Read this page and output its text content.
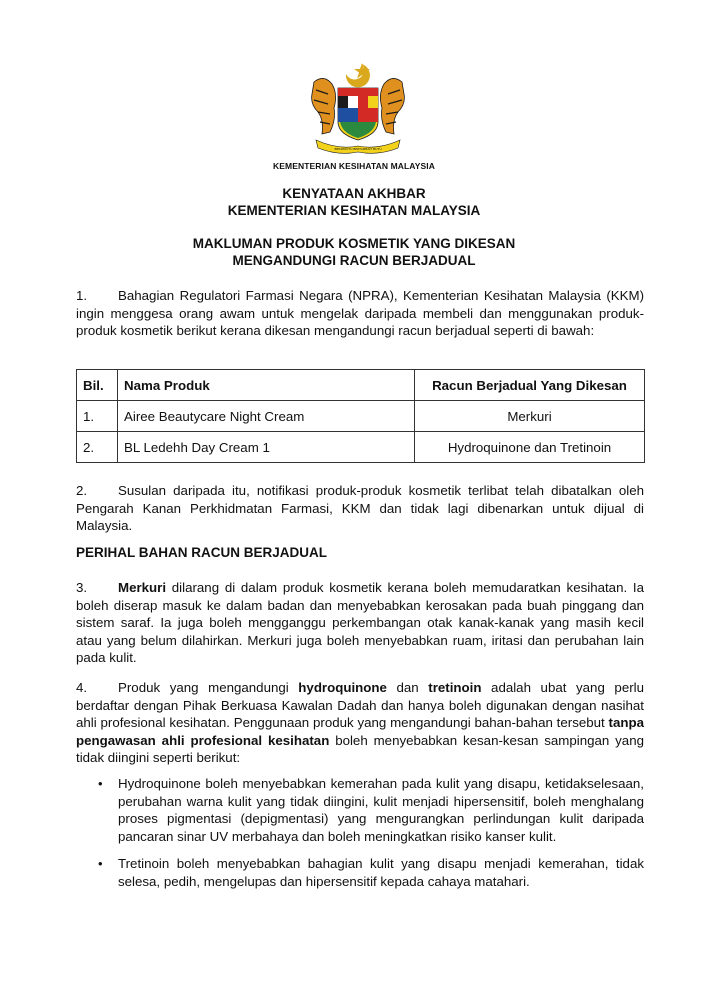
BERSEKUTU BERTAMBAH MUTU
KEMENTERIAN KESIHATAN MALAYSIA

KENYATAAN AKHBAR

KEMENTERIAN KESIHATAN MALAYSIA

MAKLUMAN PRODUK KOSMETIK YANG DIKESAN

MENGANDUNGI RACUN BERJADUAL

1. Bahagian Regulatori Farmasi Negara (NPRA), Kementerian Kesihatan Malaysia (KKM) ingin menggesa orang awam untuk mengelak daripada membeli dan menggunakan produk-produk kosmetik berikut kerana dikesan mengandungi racun berjadual seperti di bawah:

Bil.	Nama Produk	Racun Berjadual Yang Dikesan
1.	Airee Beautycare Night Cream	Merkuri
2.	BL Ledehh Day Cream 1	Hydroquinone dan Tretinoin

2. Susulan daripada itu, notifikasi produk-produk kosmetik terlibat telah dibatalkan oleh Pengarah Kanan Perkhidmatan Farmasi, KKM dan tidak lagi dibenarkan untuk dijual di Malaysia.

PERIHAL BAHAN RACUN BERJADUAL

3. Merkuri dilarang di dalam produk kosmetik kerana boleh memudaratkan kesihatan. Ia boleh diserap masuk ke dalam badan dan menyebabkan kerosakan pada buah pinggang dan sistem saraf. Ia juga boleh mengganggu perkembangan otak kanak-kanak yang masih kecil atau yang belum dilahirkan. Merkuri juga boleh menyebabkan ruam, iritasi dan perubahan lain pada kulit.

4. Produk yang mengandungi hydroquinone dan tretinoin adalah ubat yang perlu berdaftar dengan Pihak Berkuasa Kawalan Dadah dan hanya boleh digunakan dengan nasihat ahli profesional kesihatan. Penggunaan produk yang mengandungi bahan-bahan tersebut tanpa pengawasan ahli profesional kesihatan boleh menyebabkan kesan-kesan sampingan yang tidak diingini seperti berikut:

• Hydroquinone boleh menyebabkan kemerahan pada kulit yang disapu, ketidakselesaan, perubahan warna kulit yang tidak diingini, kulit menjadi hipersensitif, boleh menghalang proses pigmentasi (depigmentasi) yang mengurangkan perlindungan kulit daripada pancaran sinar UV merbahaya dan boleh meningkatkan risiko kanser kulit.
• Tretinoin boleh menyebabkan bahagian kulit yang disapu menjadi kemerahan, tidak selesa, pedih, mengelupas dan hipersensitif kepada cahaya matahari.
